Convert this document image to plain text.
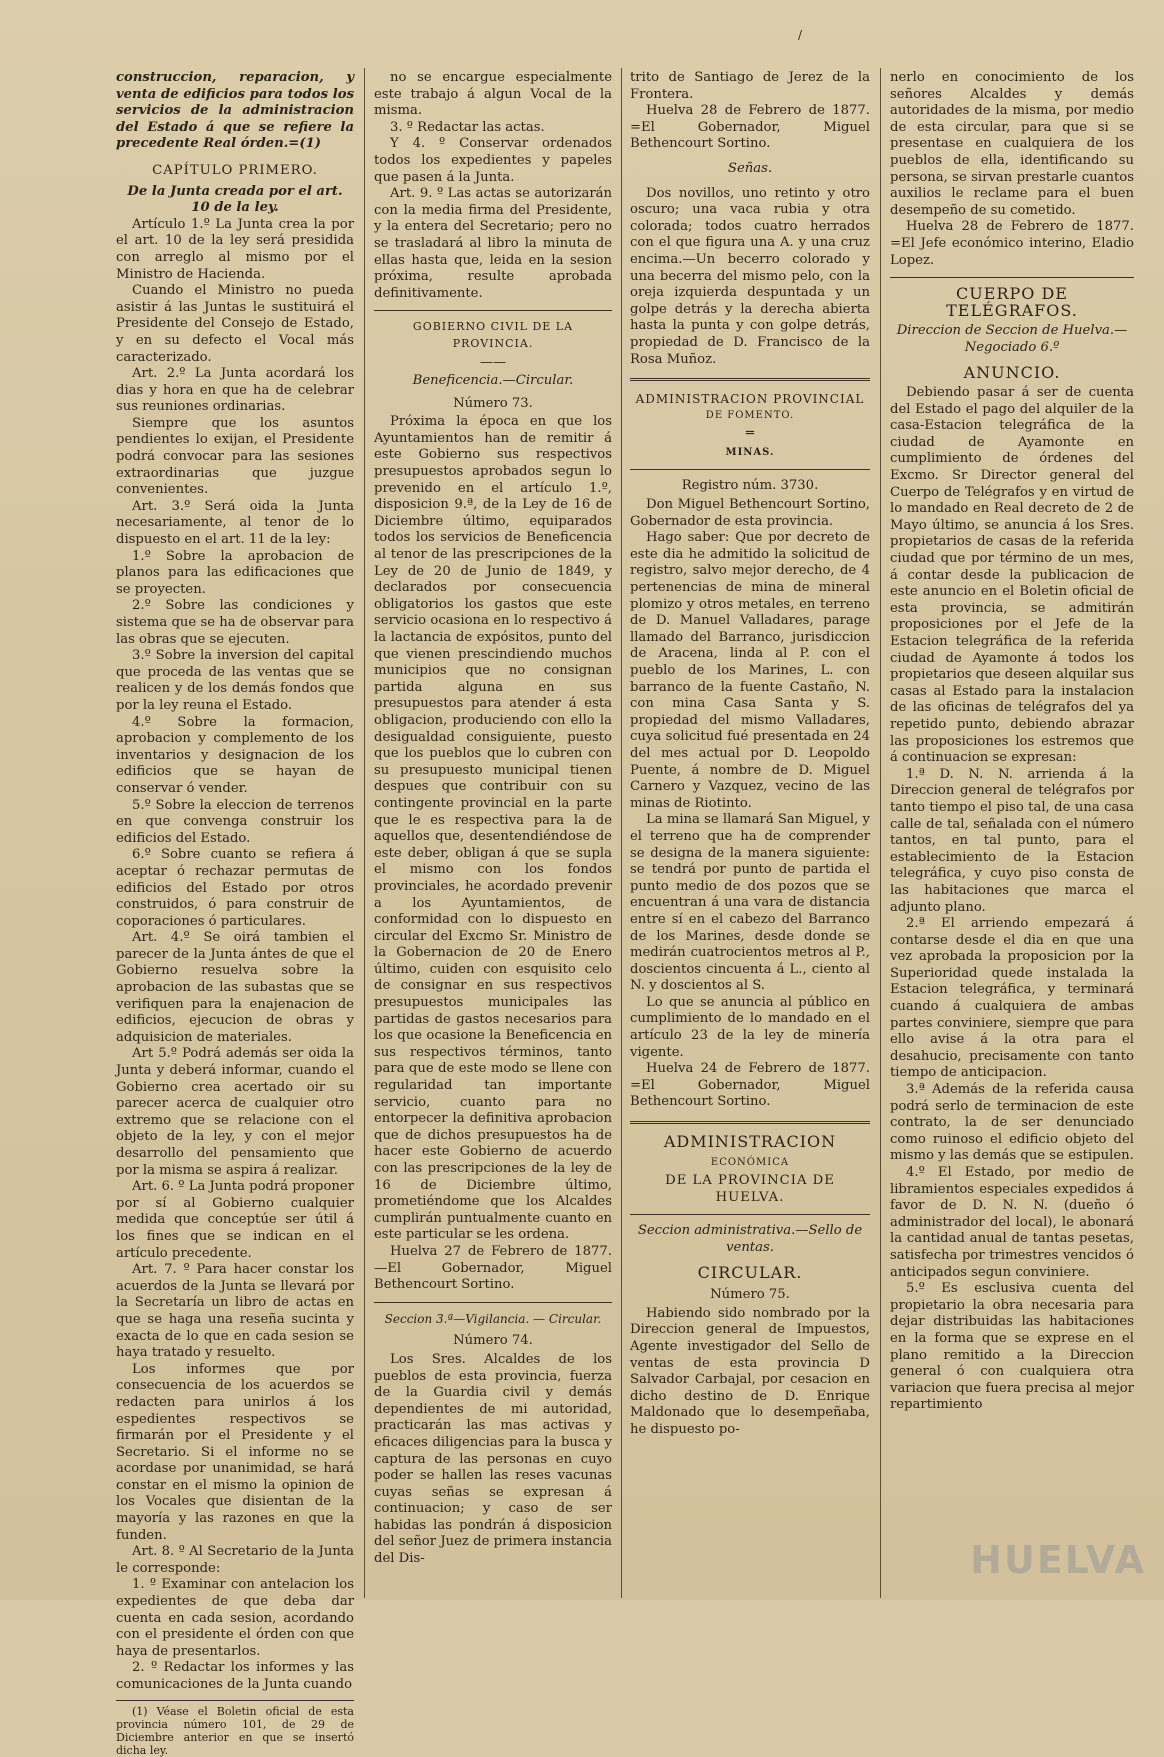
/

construccion, reparacion, y venta de edificios para todos los servicios de la administracion del Estado á que se refiere la precedente Real órden.=(1)

CAPÍTULO PRIMERO.

De la Junta creada por el art. 10 de la ley.

Artículo 1.º La Junta crea la por el art. 10 de la ley será presidida con arreglo al mismo por el Ministro de Hacienda.

Cuando el Ministro no pueda asistir á las Juntas le sustituirá el Presidente del Consejo de Estado, y en su defecto el Vocal más caracterizado.

Art. 2.º La Junta acordará los dias y hora en que ha de celebrar sus reuniones ordinarias.

Siempre que los asuntos pendientes lo exijan, el Presidente podrá convocar para las sesiones extraordinarias que juzgue convenientes.

Art. 3.º Será oida la Junta necesariamente, al tenor de lo dispuesto en el art. 11 de la ley:

1.º Sobre la aprobacion de planos para las edificaciones que se proyecten.

2.º Sobre las condiciones y sistema que se ha de observar para las obras que se ejecuten.

3.º Sobre la inversion del capital que proceda de las ventas que se realicen y de los demás fondos que por la ley reuna el Estado.

4.º Sobre la formacion, aprobacion y complemento de los inventarios y designacion de los edificios que se hayan de conservar ó vender.

5.º Sobre la eleccion de terrenos en que convenga construir los edificios del Estado.

6.º Sobre cuanto se refiera á aceptar ó rechazar permutas de edificios del Estado por otros construidos, ó para construir de coporaciones ó particulares.

Art. 4.º Se oirá tambien el parecer de la Junta ántes de que el Gobierno resuelva sobre la aprobacion de las subastas que se verifiquen para la enajenacion de edificios, ejecucion de obras y adquisicion de materiales.

Art 5.º Podrá además ser oida la Junta y deberá informar, cuando el Gobierno crea acertado oir su parecer acerca de cualquier otro extremo que se relacione con el objeto de la ley, y con el mejor desarrollo del pensamiento que por la misma se aspira á realizar.

Art. 6. º La Junta podrá proponer por sí al Gobierno cualquier medida que conceptúe ser útil á los fines que se indican en el artículo precedente.

Art. 7. º Para hacer constar los acuerdos de la Junta se llevará por la Secretaría un libro de actas en que se haga una reseña sucinta y exacta de lo que en cada sesion se haya tratado y resuelto.

Los informes que por consecuencia de los acuerdos se redacten para unirlos á los espedientes respectivos se firmarán por el Presidente y el Secretario. Si el informe no se acordase por unanimidad, se hará constar en el mismo la opinion de los Vocales que disientan de la mayoría y las razones en que la funden.

Art. 8. º Al Secretario de la Junta le corresponde:

1. º Examinar con antelacion los expedientes de que deba dar cuenta en cada sesion, acordando con el presidente el órden con que haya de presentarlos.

2. º Redactar los informes y las comunicaciones de la Junta cuando

(1) Véase el Boletin oficial de esta provincia número 101, de 29 de Diciembre anterior en que se insertó dicha ley.

no se encargue especialmente este trabajo á algun Vocal de la misma.

3. º Redactar las actas.

Y 4. º Conservar ordenados todos los expedientes y papeles que pasen á la Junta.

Art. 9. º Las actas se autorizarán con la media firma del Presidente, y la entera del Secretario; pero no se trasladará al libro la minuta de ellas hasta que, leida en la sesion próxima, resulte aprobada definitivamente.

GOBIERNO CIVIL DE LA PROVINCIA.

——

Beneficencia.—Circular.

Número 73.

Próxima la época en que los Ayuntamientos han de remitir á este Gobierno sus respectivos presupuestos aprobados segun lo prevenido en el artículo 1.º, disposicion 9.ª, de la Ley de 16 de Diciembre último, equiparados todos los servicios de Beneficencia al tenor de las prescripciones de la Ley de 20 de Junio de 1849, y declarados por consecuencia obligatorios los gastos que este servicio ocasiona en lo respectivo á la lactancia de expósitos, punto del que vienen prescindiendo muchos municipios que no consignan partida alguna en sus presupuestos para atender á esta obligacion, produciendo con ello la desigualdad consiguiente, puesto que los pueblos que lo cubren con su presupuesto municipal tienen despues que contribuir con su contingente provincial en la parte que le es respectiva para la de aquellos que, desentendiéndose de este deber, obligan á que se supla el mismo con los fondos provinciales, he acordado prevenir a los Ayuntamientos, de conformidad con lo dispuesto en circular del Excmo Sr. Ministro de la Gobernacion de 20 de Enero último, cuiden con esquisito celo de consignar en sus respectivos presupuestos municipales las partidas de gastos necesarios para los que ocasione la Beneficencia en sus respectivos términos, tanto para que de este modo se llene con regularidad tan importante servicio, cuanto para no entorpecer la definitiva aprobacion que de dichos presupuestos ha de hacer este Gobierno de acuerdo con las prescripciones de la ley de 16 de Diciembre último, prometiéndome que los Alcaldes cumplirán puntualmente cuanto en este particular se les ordena.

Huelva 27 de Febrero de 1877. —El Gobernador, Miguel Bethencourt Sortino.

Seccion 3.ª—Vigilancia. — Circular.

Número 74.

Los Sres. Alcaldes de los pueblos de esta provincia, fuerza de la Guardia civil y demás dependientes de mi autoridad, practicarán las mas activas y eficaces diligencias para la busca y captura de las personas en cuyo poder se hallen las reses vacunas cuyas señas se expresan á continuacion; y caso de ser habidas las pondrán á disposicion del señor Juez de primera instancia del Dis-

trito de Santiago de Jerez de la Frontera.

Huelva 28 de Febrero de 1877. =El Gobernador, Miguel Bethencourt Sortino.

Señas.

Dos novillos, uno retinto y otro oscuro; una vaca rubia y otra colorada; todos cuatro herrados con el que figura una A. y una cruz encima.—Un becerro colorado y una becerra del mismo pelo, con la oreja izquierda despuntada y un golpe detrás y la derecha abierta hasta la punta y con golpe detrás, propiedad de D. Francisco de la Rosa Muñoz.

ADMINISTRACION PROVINCIAL

DE FOMENTO.

═

MINAS.

Registro núm. 3730.

Don Miguel Bethencourt Sortino, Gobernador de esta provincia.

Hago saber: Que por decreto de este dia he admitido la solicitud de registro, salvo mejor derecho, de 4 pertenencias de mina de mineral plomizo y otros metales, en terreno de D. Manuel Valladares, parage llamado del Barranco, jurisdiccion de Aracena, linda al P. con el pueblo de los Marines, L. con barranco de la fuente Castaño, N. con mina Casa Santa y S. propiedad del mismo Valladares, cuya solicitud fué presentada en 24 del mes actual por D. Leopoldo Puente, á nombre de D. Miguel Carnero y Vazquez, vecino de las minas de Riotinto.

La mina se llamará San Miguel, y el terreno que ha de comprender se designa de la manera siguiente: se tendrá por punto de partida el punto medio de dos pozos que se encuentran á una vara de distancia entre sí en el cabezo del Barranco de los Marines, desde donde se medirán cuatrocientos metros al P., doscientos cincuenta á L., ciento al N. y doscientos al S.

Lo que se anuncia al público en cumplimiento de lo mandado en el artículo 23 de la ley de minería vigente.

Huelva 24 de Febrero de 1877. =El Gobernador, Miguel Bethencourt Sortino.

ADMINISTRACION

ECONÓMICA

DE LA PROVINCIA DE HUELVA.

Seccion administrativa.—Sello de ventas.

CIRCULAR.

Número 75.

Habiendo sido nombrado por la Direccion general de Impuestos, Agente investigador del Sello de ventas de esta provincia D Salvador Carbajal, por cesacion en dicho destino de D. Enrique Maldonado que lo desempeñaba, he dispuesto po-

nerlo en conocimiento de los señores Alcaldes y demás autoridades de la misma, por medio de esta circular, para que si se presentase en cualquiera de los pueblos de ella, identificando su persona, se sirvan prestarle cuantos auxilios le reclame para el buen desempeño de su cometido.

Huelva 28 de Febrero de 1877. =El Jefe económico interino, Eladio Lopez.

CUERPO DE TELÉGRAFOS.

Direccion de Seccion de Huelva.—Negociado 6.º

ANUNCIO.

Debiendo pasar á ser de cuenta del Estado el pago del alquiler de la casa-Estacion telegráfica de la ciudad de Ayamonte en cumplimiento de órdenes del Excmo. Sr Director general del Cuerpo de Telégrafos y en virtud de lo mandado en Real decreto de 2 de Mayo último, se anuncia á los Sres. propietarios de casas de la referida ciudad que por término de un mes, á contar desde la publicacion de este anuncio en el Boletin oficial de esta provincia, se admitirán proposiciones por el Jefe de la Estacion telegráfica de la referida ciudad de Ayamonte á todos los propietarios que deseen alquilar sus casas al Estado para la instalacion de las oficinas de telégrafos del ya repetido punto, debiendo abrazar las proposiciones los estremos que á continuacion se expresan:

1.ª D. N. N. arrienda á la Direccion general de telégrafos por tanto tiempo el piso tal, de una casa calle de tal, señalada con el número tantos, en tal punto, para el establecimiento de la Estacion telegráfica, y cuyo piso consta de las habitaciones que marca el adjunto plano.

2.ª El arriendo empezará á contarse desde el dia en que una vez aprobada la proposicion por la Superioridad quede instalada la Estacion telegráfica, y terminará cuando á cualquiera de ambas partes conviniere, siempre que para ello avise á la otra para el desahucio, precisamente con tanto tiempo de anticipacion.

3.ª Además de la referida causa podrá serlo de terminacion de este contrato, la de ser denunciado como ruinoso el edificio objeto del mismo y las demás que se estipulen.

4.º El Estado, por medio de libramientos especiales expedidos á favor de D. N. N. (dueño ó administrador del local), le abonará la cantidad anual de tantas pesetas, satisfecha por trimestres vencidos ó anticipados segun conviniere.

5.º Es esclusiva cuenta del propietario la obra necesaria para dejar distribuidas las habitaciones en la forma que se exprese en el plano remitido a la Direccion general ó con cualquiera otra variacion que fuera precisa al mejor repartimiento

HUELVA
